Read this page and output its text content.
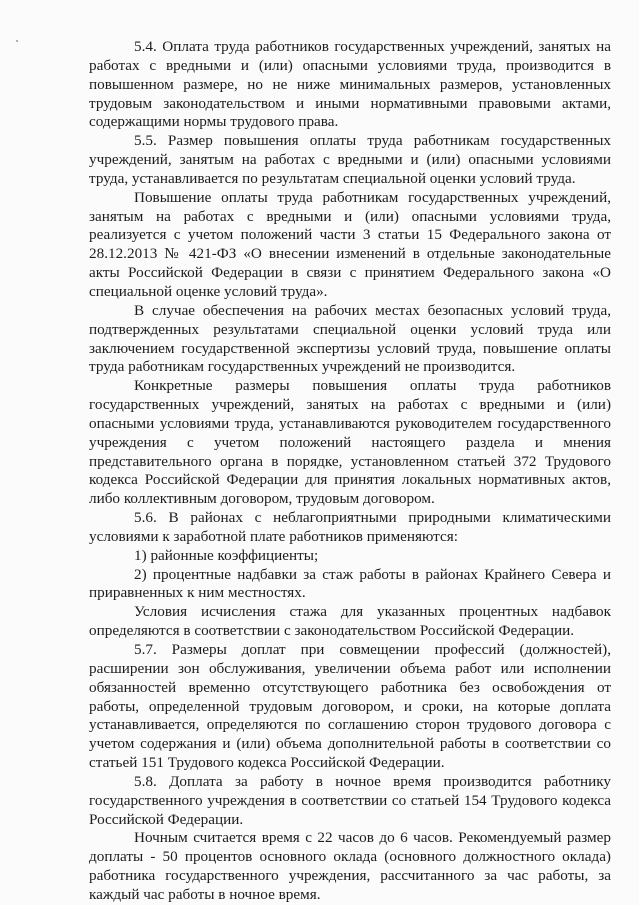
5.4. Оплата труда работников государственных учреждений, занятых на работах с вредными и (или) опасными условиями труда, производится в повышенном размере, но не ниже минимальных размеров, установленных трудовым законодательством и иными нормативными правовыми актами, содержащими нормы трудового права.

5.5. Размер повышения оплаты труда работникам государственных учреждений, занятым на работах с вредными и (или) опасными условиями труда, устанавливается по результатам специальной оценки условий труда.

Повышение оплаты труда работникам государственных учреждений, занятым на работах с вредными и (или) опасными условиями труда, реализуется с учетом положений части 3 статьи 15 Федерального закона от 28.12.2013 № 421-ФЗ «О внесении изменений в отдельные законодательные акты Российской Федерации в связи с принятием Федерального закона «О специальной оценке условий труда».

В случае обеспечения на рабочих местах безопасных условий труда, подтвержденных результатами специальной оценки условий труда или заключением государственной экспертизы условий труда, повышение оплаты труда работникам государственных учреждений не производится.

Конкретные размеры повышения оплаты труда работников государственных учреждений, занятых на работах с вредными и (или) опасными условиями труда, устанавливаются руководителем государственного учреждения с учетом положений настоящего раздела и мнения представительного органа в порядке, установленном статьей 372 Трудового кодекса Российской Федерации для принятия локальных нормативных актов, либо коллективным договором, трудовым договором.

5.6. В районах с неблагоприятными природными климатическими условиями к заработной плате работников применяются:

1) районные коэффициенты;

2) процентные надбавки за стаж работы в районах Крайнего Севера и приравненных к ним местностях.

Условия исчисления стажа для указанных процентных надбавок определяются в соответствии с законодательством Российской Федерации.

5.7. Размеры доплат при совмещении профессий (должностей), расширении зон обслуживания, увеличении объема работ или исполнении обязанностей временно отсутствующего работника без освобождения от работы, определенной трудовым договором, и сроки, на которые доплата устанавливается, определяются по соглашению сторон трудового договора с учетом содержания и (или) объема дополнительной работы в соответствии со статьей 151 Трудового кодекса Российской Федерации.

5.8. Доплата за работу в ночное время производится работнику государственного учреждения в соответствии со статьей 154 Трудового кодекса Российской Федерации.

Ночным считается время с 22 часов до 6 часов. Рекомендуемый размер доплаты - 50 процентов основного оклада (основного должностного оклада) работника государственного учреждения, рассчитанного за час работы, за каждый час работы в ночное время.
